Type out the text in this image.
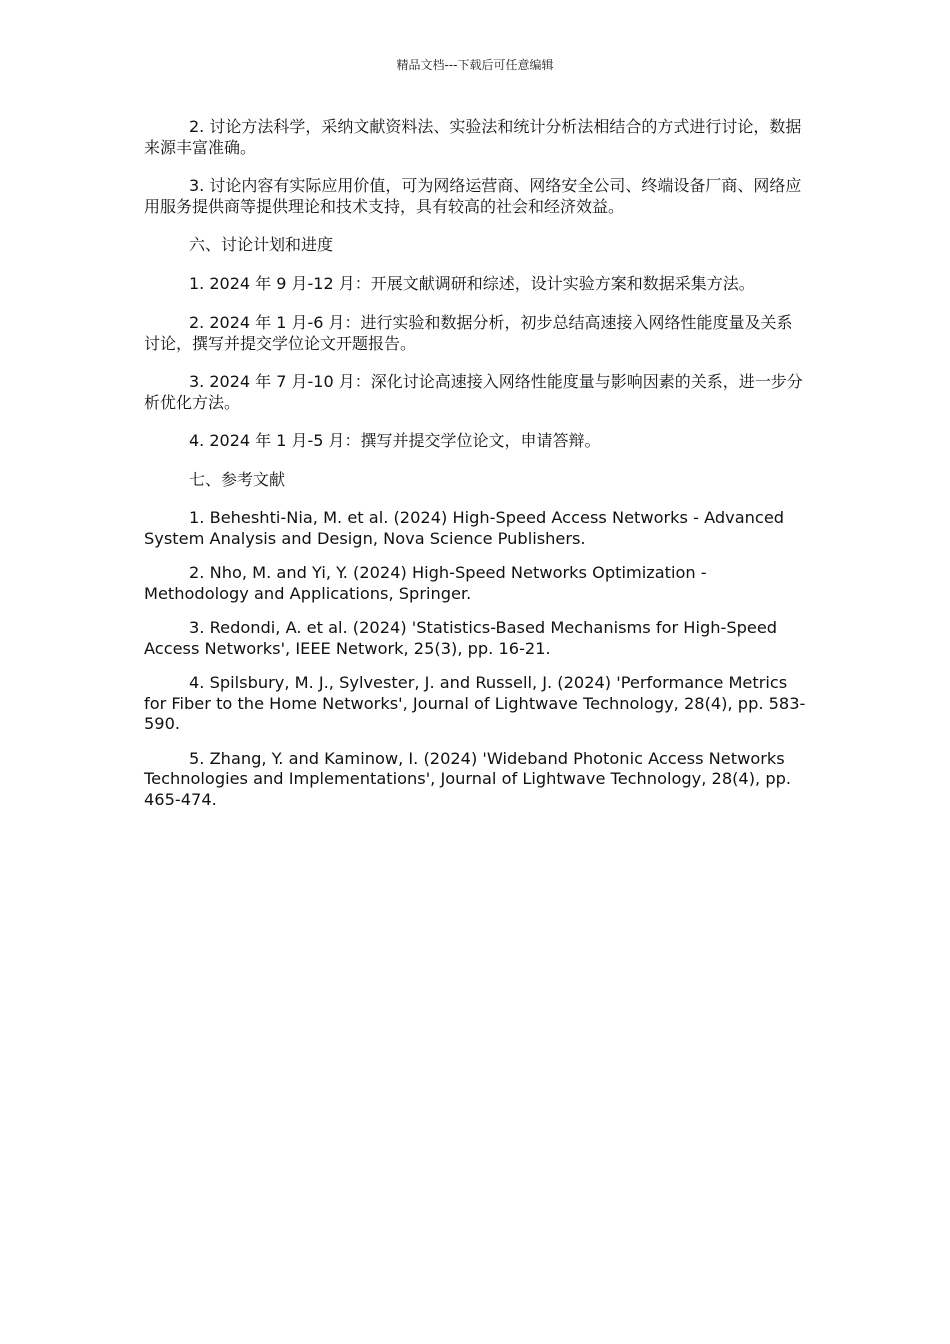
精品文档---下载后可任意编辑

2. 讨论方法科学，采纳文献资料法、实验法和统计分析法相结合的方式进行讨论，数据来源丰富准确。

3. 讨论内容有实际应用价值，可为网络运营商、网络安全公司、终端设备厂商、网络应用服务提供商等提供理论和技术支持，具有较高的社会和经济效益。

六、讨论计划和进度

1. 2024 年 9 月-12 月：开展文献调研和综述，设计实验方案和数据采集方法。

2. 2024 年 1 月-6 月：进行实验和数据分析，初步总结高速接入网络性能度量及关系讨论，撰写并提交学位论文开题报告。

3. 2024 年 7 月-10 月：深化讨论高速接入网络性能度量与影响因素的关系，进一步分析优化方法。

4. 2024 年 1 月-5 月：撰写并提交学位论文，申请答辩。

七、参考文献

1. Beheshti-Nia, M. et al. (2024) High-Speed Access Networks - Advanced System Analysis and Design, Nova Science Publishers.

2. Nho, M. and Yi, Y. (2024) High-Speed Networks Optimization - Methodology and Applications, Springer.

3. Redondi, A. et al. (2024) 'Statistics-Based Mechanisms for High-Speed Access Networks', IEEE Network, 25(3), pp. 16-21.

4. Spilsbury, M. J., Sylvester, J. and Russell, J. (2024) 'Performance Metrics for Fiber to the Home Networks', Journal of Lightwave Technology, 28(4), pp. 583-590.

5. Zhang, Y. and Kaminow, I. (2024) 'Wideband Photonic Access Networks Technologies and Implementations', Journal of Lightwave Technology, 28(4), pp. 465-474.
